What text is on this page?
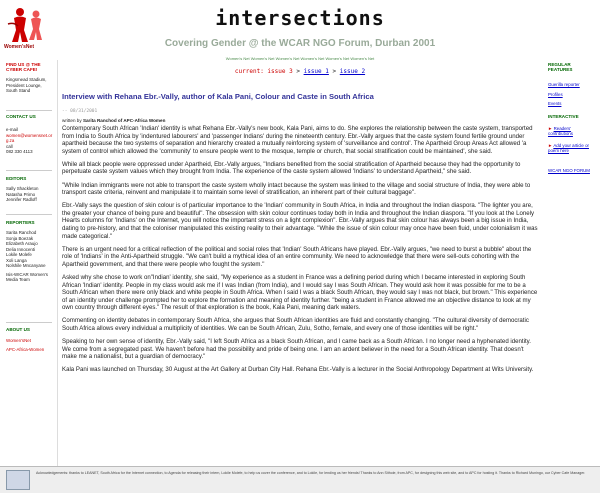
Women'sNet
intersections
Covering Gender @ the WCAR NGO Forum, Durban 2001
Women's Net Women's Net Women's Net Women's Net Women's Net Women's Net
current: issue 3 > issue 1 > issue 2
FIND US @ THE CYBER CAFE!
Kingsmead Stadium, President Lounge, South Stand
CONTACT US
e-mail
women@womensnet.org.za
call
082 330 4113
EDITORS
Sally Shackleton
Natasha Primo
Jennifer Radloff
REPORTERS
Sarita Ranchod
Sonja Boezak
Elizabeth Araujo
Delia Innocenti
Lokile Molefe
Xoli Langa
Nolshile Mncanyane
Isis-WICAR Women's Media Team
ABOUT US
Women'sNet
APC-Africa-Women
REGULAR FEATURES
Guerilla reporter
Profiles
Events
INTERACTIVE
► Readers' contributions
► Add your article or poem here
WCAR NGO FORUM
Interview with Rehana Ebr.-Vally, author of Kala Pani, Colour and Caste in South Africa
-- 08/31/2001
written by Sarita Ranchod of APC-Africa Women

Contemporary South African 'Indian' identity is what Rehana Ebr.-Vally's new book, Kala Pani, aims to do. She explores the relationship between the caste system, transported from India to South Africa by 'indentured labourers' and 'passenger Indians' during the nineteenth century. Ebr.-Vally argues that the caste system found fertile ground under apartheid because the two systems of separation and hierarchy created a mutually reinforcing system of 'surveillance and control'. The Apartheid Group Areas Act allowed 'a system of control which allowed the 'community' to ensure people went to the mosque, temple or church, that social stratification could be maintained', she said.

While all black people were oppressed under Apartheid, Ebr.-Vally argues, "Indians benefited from the social stratification of Apartheid because they had the opportunity to perpetuate caste system values which they brought from India. The experience of the caste system allowed 'Indians' to understand Apartheid," she said.

"While Indian immigrants were not able to transport the caste system wholly intact because the system was linked to the village and social structure of India, they were able to transport caste criteria, reinvent and manipulate it to maintain some level of stratification, an inherent part of their cultural baggage".

Ebr.-Vally says the question of skin colour is of particular importance to the 'Indian' community in South Africa, in India and throughout the Indian diaspora. "The lighter you are, the greater your chance of being pure and beautiful". The obsession with skin colour continues today both in India and throughout the Indian diaspora. "If you look at the Lonely Hearts columns for 'Indians' on the Internet, you will notice the important stress on a light complexion". Ebr.-Vally argues that skin colour has always been a big issue in India, dating to pre-history, and that the coloniser manipulated this existing reality to their advantage. "While the issue of skin colour may once have been fluid, under colonialism it was made categorical."

There is an urgent need for a critical reflection of the political and social roles that 'Indian' South Africans have played. Ebr.-Vally argues, "we need to burst a bubble" about the role of 'Indians' in the Anti-Apartheid struggle. "We can't build a mythical idea of an entire community. We need to acknowledge that there were sell-outs cohorting with the Apartheid government, and that there were people who fought the system."

Asked why she chose to work on"Indian' identity, she said, "My experience as a student in France was a defining period during which I became interested in exploring South African 'Indian' identity. People in my class would ask me if I was Indian (from India), and I would say I was South African. They would ask how it was possible for me to be a South African when there were only black and white people in South Africa. When I said I was a black South African, they would say I was not black, but brown." This experience of an identity under challenge prompted her to explore the formation and meaning of identity further. "being a student in France allowed me an objective distance to look at my own country through different eyes." The result of that exploration is the book, Kala Pani, meaning dark waters.

Commenting on identity debates in contemporary South Africa, she argues that South African identities are fluid and constantly changing. "The cultural diversity of democratic South Africa allows every individual a multiplicity of identities. We can be South African, Zulu, Sotho, female, and every one of those identities will be right."

Speaking to her own sense of identity, Ebr.-Vally said, "I left South Africa as a black South African, and I came back as a South African. I no longer need a hyphenated identity. We come from a segregated past. We haven't before had the possibility and pride of being one. I am an ardent believer in the need for a South African identity. That doesn't make me a nationalist, but a guardian of democracy."

Kala Pani was launched on Thursday, 30 August at the Art Gallery at Durban City Hall. Rehana Ebr.-Vally is a lecturer in the Social Anthropology Department at Wits University.

Acknowledgements: thanks to LEANET, South Africa for the Internet connection, to Agenda for releasing their intern, Lokile Molefe, to help us cover the conference, and to Lokile, for lending us her friends! Thanks to Ann Sithole, from APC, for designing this web site, and to APC for hosting it. Thanks to Richard Muningo, our Cyber Cafe Manager.
